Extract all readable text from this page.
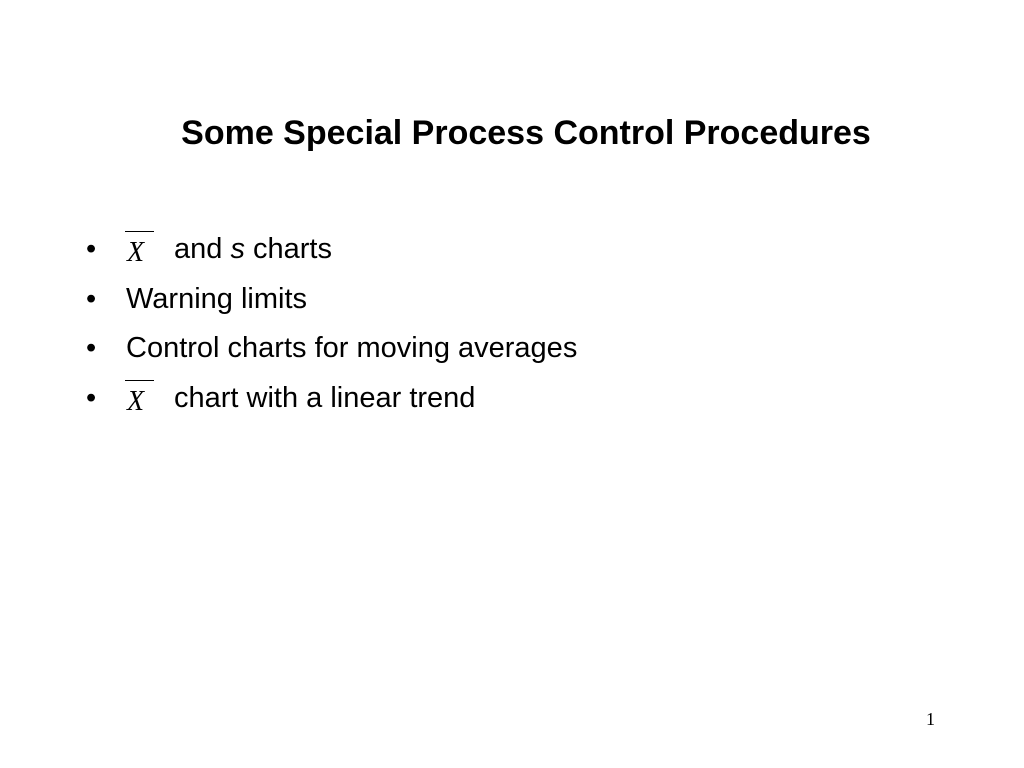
Some Special Process Control Procedures
•	X and s charts
•	Warning limits
•	Control charts for moving averages
•	X chart with a linear trend
1
